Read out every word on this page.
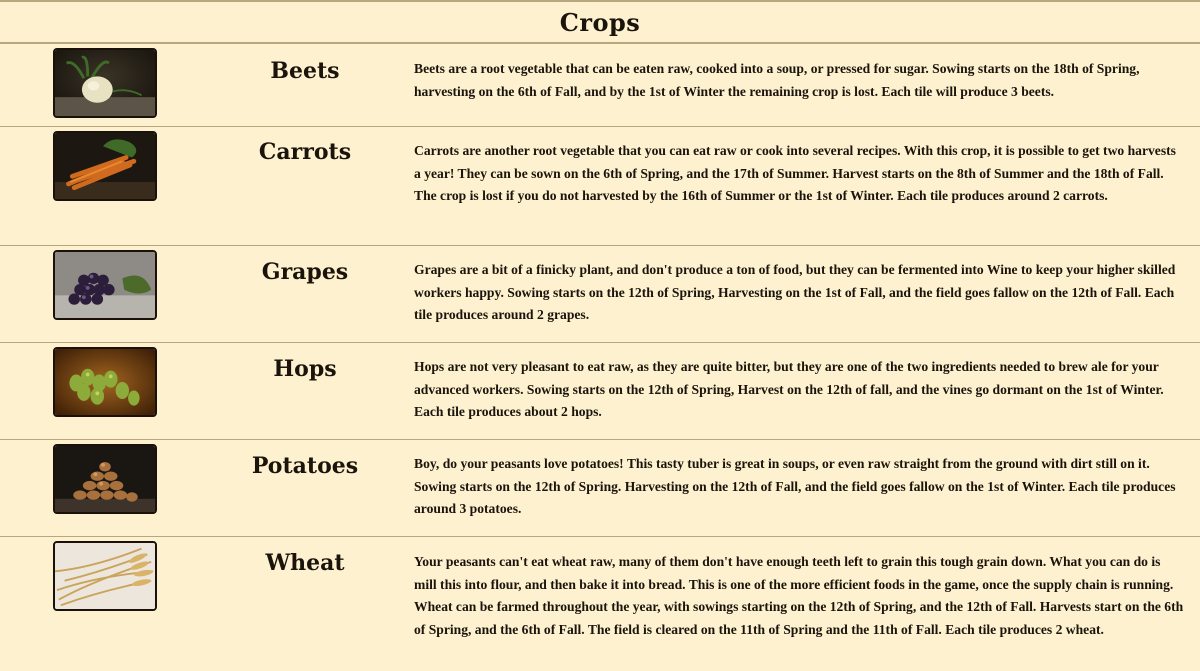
Crops
Beets	Beets are a root vegetable that can be eaten raw, cooked into a soup, or pressed for sugar. Sowing starts on the 18th of Spring, harvesting on the 6th of Fall, and by the 1st of Winter the remaining crop is lost. Each tile will produce 3 beets.
Carrots	Carrots are another root vegetable that you can eat raw or cook into several recipes. With this crop, it is possible to get two harvests a year! They can be sown on the 6th of Spring, and the 17th of Summer. Harvest starts on the 8th of Summer and the 18th of Fall. The crop is lost if you do not harvested by the 16th of Summer or the 1st of Winter. Each tile produces around 2 carrots.
Grapes	Grapes are a bit of a finicky plant, and don't produce a ton of food, but they can be fermented into Wine to keep your higher skilled workers happy. Sowing starts on the 12th of Spring, Harvesting on the 1st of Fall, and the field goes fallow on the 12th of Fall. Each tile produces around 2 grapes.
Hops	Hops are not very pleasant to eat raw, as they are quite bitter, but they are one of the two ingredients needed to brew ale for your advanced workers. Sowing starts on the 12th of Spring, Harvest on the 12th of fall, and the vines go dormant on the 1st of Winter. Each tile produces about 2 hops.
Potatoes	Boy, do your peasants love potatoes! This tasty tuber is great in soups, or even raw straight from the ground with dirt still on it. Sowing starts on the 12th of Spring. Harvesting on the 12th of Fall, and the field goes fallow on the 1st of Winter. Each tile produces around 3 potatoes.
Wheat	Your peasants can't eat wheat raw, many of them don't have enough teeth left to grain this tough grain down. What you can do is mill this into flour, and then bake it into bread. This is one of the more efficient foods in the game, once the supply chain is running. Wheat can be farmed throughout the year, with sowings starting on the 12th of Spring, and the 12th of Fall. Harvests start on the 6th of Spring, and the 6th of Fall. The field is cleared on the 11th of Spring and the 11th of Fall. Each tile produces 2 wheat.
